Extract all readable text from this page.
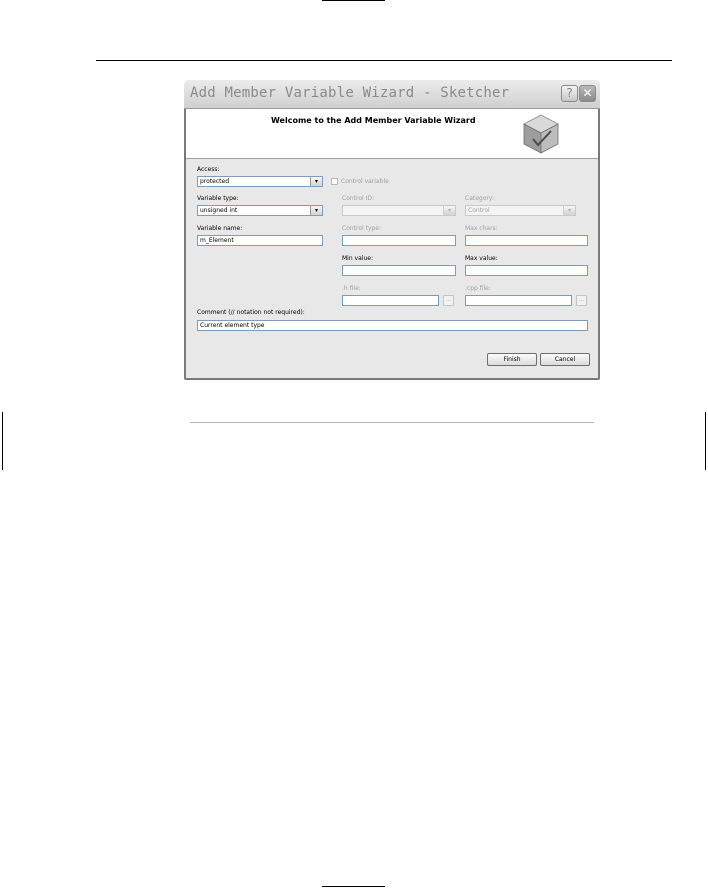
Add Member Variable Wizard - Sketcher	? ✕
Welcome to the Add Member Variable Wizard
Access:
protected	▾
Variable type:
unsigned int	▾
Variable name:
m_Element
Control variable
Control ID:
▾
Control type:
Min value:
.h file:
...
Category:
Control	▾
Max chars:
Max value:
.cpp file:
...
Comment (// notation not required):
Current element type
Finish	Cancel
